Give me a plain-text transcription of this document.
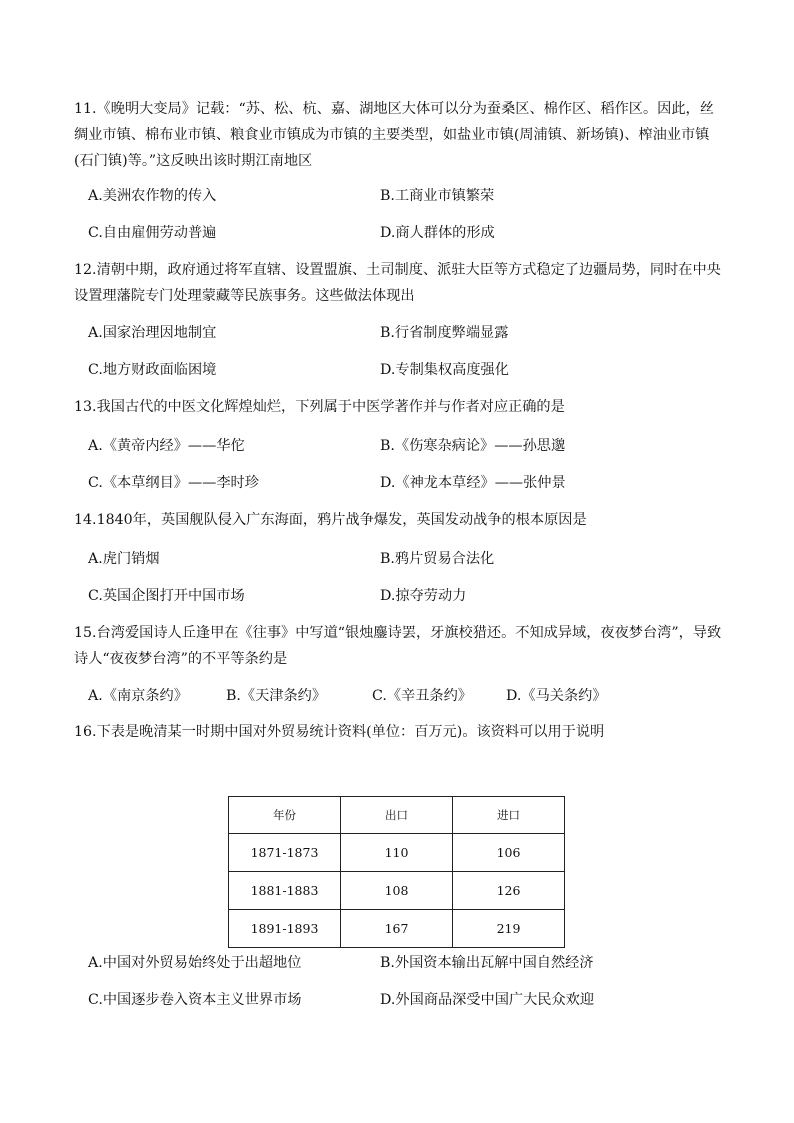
11.《晚明大变局》记载：“苏、松、杭、嘉、湖地区大体可以分为蚕桑区、棉作区、稻作区。因此，丝
绸业市镇、棉布业市镇、粮食业市镇成为市镇的主要类型，如盐业市镇(周浦镇、新场镇)、榨油业市镇
(石门镇)等。”这反映出该时期江南地区
A.美洲农作物的传入	B.工商业市镇繁荣
C.自由雇佣劳动普遍	D.商人群体的形成
12.清朝中期，政府通过将军直辖、设置盟旗、土司制度、派驻大臣等方式稳定了边疆局势，同时在中央
设置理藩院专门处理蒙藏等民族事务。这些做法体现出
A.国家治理因地制宜	B.行省制度弊端显露
C.地方财政面临困境	D.专制集权高度强化
13.我国古代的中医文化辉煌灿烂，下列属于中医学著作并与作者对应正确的是
A.《黄帝内经》——华佗	B.《伤寒杂病论》——孙思邈
C.《本草纲目》——李时珍	D.《神龙本草经》——张仲景
14.1840年，英国舰队侵入广东海面，鸦片战争爆发，英国发动战争的根本原因是
A.虎门销烟	B.鸦片贸易合法化
C.英国企图打开中国市场	D.掠夺劳动力
15.台湾爱国诗人丘逢甲在《往事》中写道“银烛鏖诗罢，牙旗校猎还。不知成异域，夜夜梦台湾”，导致
诗人“夜夜梦台湾”的不平等条约是
A.《南京条约》	B.《天津条约》	C.《辛丑条约》 D.《马关条约》
16.下表是晚清某一时期中国对外贸易统计资料(单位：百万元)。该资料可以用于说明
年份	出口	进口
1871-1873	110	106
1881-1883	108	126
1891-1893	167	219
A.中国对外贸易始终处于出超地位	B.外国资本输出瓦解中国自然经济
C.中国逐步卷入资本主义世界市场	D.外国商品深受中国广大民众欢迎
